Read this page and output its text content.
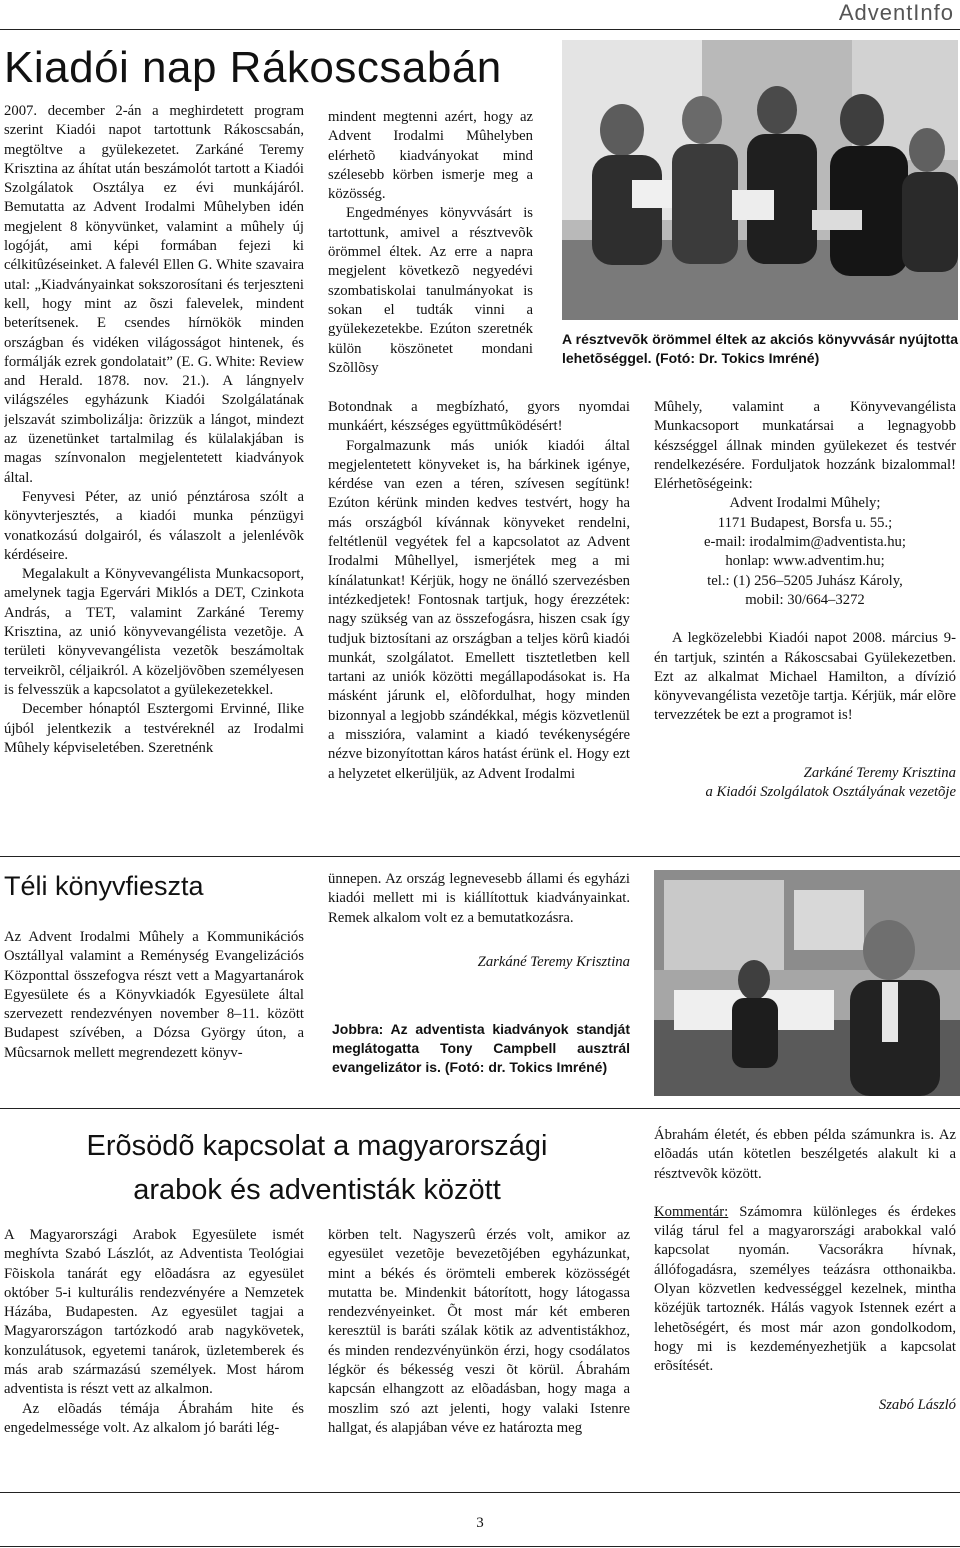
AdventInfo
Kiadói nap Rákoscsabán

2007. december 2-án a meghirdetett program szerint Kiadói napot tartottunk Rákoscsabán, megtöltve a gyülekezetet. Zarkáné Teremy Krisztina az áhítat után beszámolót tartott a Kiadói Szolgálatok Osztálya ez évi munkájáról. Bemutatta az Advent Irodalmi Mûhelyben idén megjelent 8 könyvünket, valamint a mûhely új logóját, ami képi formában fejezi ki célkitûzéseinket. A falevél Ellen G. White szavaira utal: „Kiadványainkat sokszorosítani és terjeszteni kell, hogy mint az õszi falevelek, mindent beterítsenek. E csendes hírnökök minden országban és vidéken világosságot hintenek, és formálják ezrek gondolatait” (E. G. White: Review and Herald. 1878. nov. 21.). A lángnyelv világszéles egyházunk Kiadói Szolgálatának jelszavát szimbolizálja: õrizzük a lángot, mindezt az üzenetünket tartalmilag és külalakjában is magas színvonalon megjelentetett kiadványok által.

Fenyvesi Péter, az unió pénztárosa szólt a könyvterjesztés, a kiadói munka pénzügyi vonatkozású dolgairól, és válaszolt a jelenlévõk kérdéseire.

Megalakult a Könyvevangélista Munkacsoport, amelynek tagja Egervári Miklós a DET, Czinkota András, a TET, valamint Zarkáné Teremy Krisztina, az unió könyvevangélista vezetõje. A területi könyvevangélista vezetõk beszámoltak terveikrõl, céljaikról. A közeljövõben személyesen is felvesszük a kapcsolatot a gyülekezetekkel.

December hónaptól Esztergomi Ervinné, Ilike újból jelentkezik a testvéreknél az Irodalmi Mûhely képviseletében. Szeretnénk

mindent megtenni azért, hogy az Advent Irodalmi Mûhelyben elérhetõ kiadványokat mind szélesebb körben ismerje meg a közösség.

Engedményes könyvvásárt is tartottunk, amivel a résztvevõk örömmel éltek. Az erre a napra megjelent következõ negyedévi szombatiskolai tanulmányokat is sokan el tudták vinni a gyülekezetekbe. Ezúton szeretnék külön köszönetet mondani Szõllõsy

Botondnak a megbízható, gyors nyomdai munkáért, készséges együttmûködésért!

Forgalmazunk más uniók kiadói által megjelentetett könyveket is, ha bárkinek igénye, kérdése van ezen a téren, szívesen segítünk! Ezúton kérünk minden kedves testvért, hogy ha más országból kívánnak könyveket rendelni, feltétlenül vegyétek fel a kapcsolatot az Advent Irodalmi Mûhellyel, ismerjétek meg a mi kínálatunkat! Kérjük, hogy ne önálló szervezésben intézkedjetek! Fontosnak tartjuk, hogy érezzétek: nagy szükség van az összefogásra, hiszen csak így tudjuk biztosítani az országban a teljes körû kiadói munkát, szolgálatot. Emellett tisztetletben kell tartani az uniók közötti megállapodásokat is. Ha másként járunk el, elõfordulhat, hogy minden bizonnyal a legjobb szándékkal, mégis közvetlenül a misszióra, valamint a kiadó tevékenységére nézve bizonyítottan káros hatást érünk el. Hogy ezt a helyzetet elkerüljük, az Advent Irodalmi

A résztvevõk örömmel éltek az akciós könyvvásár nyújtotta lehetõséggel. (Fotó: Dr. Tokics Imréné)

Mûhely, valamint a Könyvevangélista Munkacsoport munkatársai a legnagyobb készséggel állnak minden gyülekezet és testvér rendelkezésére. Forduljatok hozzánk bizalommal! Elérhetõségeink:

Advent Irodalmi Mûhely;
1171 Budapest, Borsfa u. 55.;
e-mail: irodalmim@adventista.hu;
honlap: www.adventim.hu;
tel.: (1) 256–5205 Juhász Károly,
mobil: 30/664–3272

A legközelebbi Kiadói napot 2008. március 9-én tartjuk, szintén a Rákoscsabai Gyülekezetben. Ezt az alkalmat Michael Hamilton, a dívízió könyvevangélista vezetõje tartja. Kérjük, már elõre tervezzétek be ezt a programot is!

Zarkáné Teremy Krisztina
a Kiadói Szolgálatok Osztályának vezetõje
Téli könyvfieszta

Az Advent Irodalmi Mûhely a Kommunikációs Osztállyal valamint a Reménység Evangelizációs Központtal összefogva részt vett a Magyartanárok Egyesülete és a Könyvkiadók Egyesülete által szervezett rendezvényen november 8–11. között Budapest szívében, a Dózsa György úton, a Mûcsarnok mellett megrendezett könyv-

ünnepen. Az ország legnevesebb állami és egyházi kiadói mellett mi is kiállítottuk kiadványainkat. Remek alkalom volt ez a bemutatkozásra.

Zarkáné Teremy Krisztina
Jobbra: Az adventista kiadványok standját meglátogatta Tony Campbell ausztrál evangelizátor is. (Fotó: dr. Tokics Imréné)
Erõsödõ kapcsolat a magyarországi
arabok és adventisták között

A Magyarországi Arabok Egyesülete ismét meghívta Szabó Lászlót, az Adventista Teológiai Fõiskola tanárát egy elõadásra az egyesület október 5-i kulturális rendezvényére a Nemzetek Házába, Budapesten. Az egyesület tagjai a Magyarországon tartózkodó arab nagykövetek, konzulátusok, egyetemi tanárok, üzletemberek és más arab származású személyek. Most három adventista is részt vett az alkalmon.

Az elõadás témája Ábrahám hite és engedelmessége volt. Az alkalom jó baráti lég-

körben telt. Nagyszerû érzés volt, amikor az egyesület vezetõje bevezetõjében egyházunkat, mint a békés és örömteli emberek közösségét mutatta be. Mindenkit bátorított, hogy látogassa rendezvényeinket. Õt most már két emberen keresztül is baráti szálak kötik az adventistákhoz, és minden rendezvényünkön érzi, hogy csodálatos légkör és békesség veszi õt körül. Ábrahám kapcsán elhangzott az elõadásban, hogy maga a moszlim szó azt jelenti, hogy valaki Istenre hallgat, és alapjában véve ez határozta meg

Ábrahám életét, és ebben példa számunkra is. Az elõadás után kötetlen beszélgetés alakult ki a résztvevõk között.

Kommentár: Számomra különleges és érdekes világ tárul fel a magyarországi arabokkal való kapcsolat nyomán. Vacsorákra hívnak, állófogadásra, személyes teázásra otthonaikba. Olyan közvetlen kedvességgel kezelnek, mintha közéjük tartoznék. Hálás vagyok Istennek ezért a lehetõségért, és most már azon gondolkodom, hogy mi is kezdeményezhetjük a kapcsolat erõsítését.

Szabó László
3
